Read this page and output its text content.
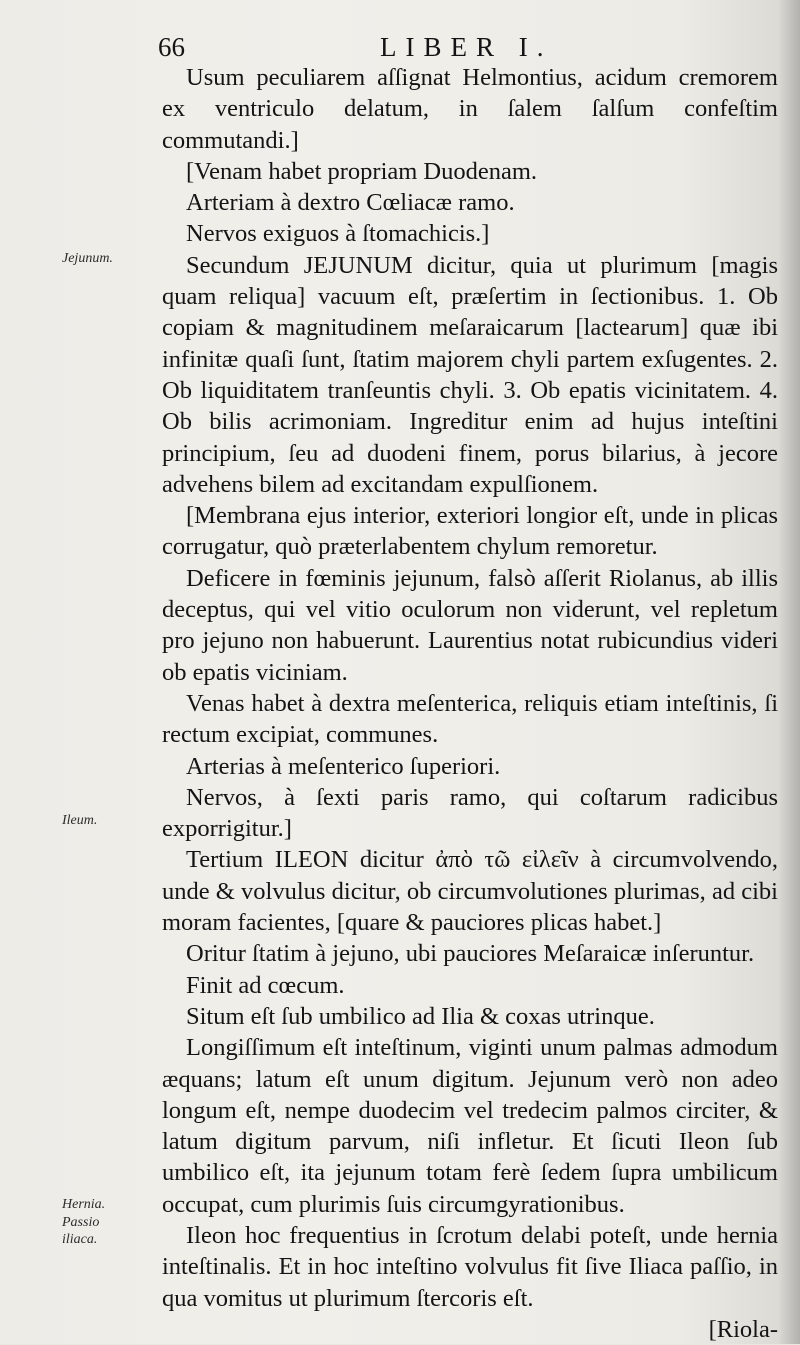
66	LIBER I.
Jejunum.
Ileum.
Hernia.
Passio iliaca.

Usum peculiarem aſſignat Helmontius, acidum cremorem ex ventriculo delatum, in ſalem ſalſum confeſtim commutandi.]

[Venam habet propriam Duodenam.

Arteriam à dextro Cœliacæ ramo.

Nervos exiguos à ſtomachicis.]

Secundum JEJUNUM dicitur, quia ut plurimum [magis quam reliqua] vacuum eſt, præſertim in ſectionibus. 1. Ob copiam & magnitudinem meſaraicarum [lactearum] quæ ibi infinitæ quaſi ſunt, ſtatim majorem chyli partem exſugentes. 2. Ob liquiditatem tranſeuntis chyli. 3. Ob epatis vicinitatem. 4. Ob bilis acrimoniam. Ingreditur enim ad hujus inteſtini principium, ſeu ad duodeni finem, porus bilarius, à jecore advehens bilem ad excitandam expulſionem.

[Membrana ejus interior, exteriori longior eſt, unde in plicas corrugatur, quò præterlabentem chylum remoretur.

Deficere in fœminis jejunum, falsò aſſerit Riolanus, ab illis deceptus, qui vel vitio oculorum non viderunt, vel repletum pro jejuno non habuerunt. Laurentius notat rubicundius videri ob epatis viciniam.

Venas habet à dextra meſenterica, reliquis etiam inteſtinis, ſi rectum excipiat, communes.

Arterias à meſenterico ſuperiori.

Nervos, à ſexti paris ramo, qui coſtarum radicibus exporrigitur.]

Tertium ILEON dicitur ἀπὸ τῶ εἰλεῖν à circumvolvendo, unde & volvulus dicitur, ob circumvolutiones plurimas, ad cibi moram facientes, [quare & pauciores plicas habet.]

Oritur ſtatim à jejuno, ubi pauciores Meſaraicæ inſeruntur.

Finit ad cœcum.

Situm eſt ſub umbilico ad Ilia & coxas utrinque.

Longiſſimum eſt inteſtinum, viginti unum palmas admodum æquans; latum eſt unum digitum. Jejunum verò non adeo longum eſt, nempe duodecim vel tredecim palmos circiter, & latum digitum parvum, niſi infletur. Et ſicuti Ileon ſub umbilico eſt, ita jejunum totam ferè ſedem ſupra umbilicum occupat, cum plurimis ſuis circumgyrationibus.

Ileon hoc frequentius in ſcrotum delabi poteſt, unde hernia inteſtinalis. Et in hoc inteſtino volvulus fit ſive Iliaca paſſio, in qua vomitus ut plurimum ſtercoris eſt.

[Riola-
